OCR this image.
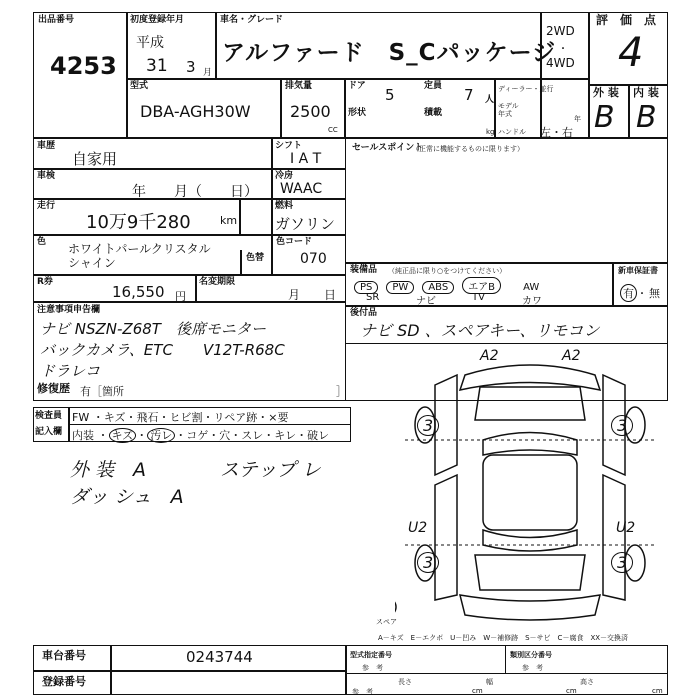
出品番号
4253
初度登録年月
平成
31 3 月
車名・グレード
アルファード　S_Cパッケージ
2WD
・
4WD
評　価　点
4
外 装 内 装
B B
型式
DBA-AGH30W
排気量
2500
CC
ドア 5	定員 7 人
形状	積載
kg
ディーラー・並行
モデル
年式
年
ハンドル 左・右
車歴
自家用
車検
年　　月（　　日）
走行
10万9千280	km
色 ホワイトパールクリスタル
シャイン	色替
色コード
070
R券
16,550 円
名変期限
月　　日
シフト
I A T
冷房
WAAC
燃料
ガソリン
セールスポイント
（正常に機能するものに限ります）
装備品 （純正品に限り○をつけてください）
PS PW ABS エアB	AW
SR	ナビ	TV	カワ
新車保証書
有 ・ 無
後付品
ナビ SD 、スペアキー、リモコン
注意事項申告欄
ナビ NSZN-Z68T　後席モニター
バックカメラ、ETC　　V12T-R68C
ドラレコ
修復歴 有［箇所	］
検査員
記入欄
FW ・キズ・飛石・ヒビ割・リペア跡・×要
内装 ・ キズ ・ 汚レ ・コゲ・穴・スレ・キレ・破レ
外 装　A
ダッ シュ　A
ステップ レ
A2	A2
3	3
U2	U2
3	3
スペア
A－キズ　E－エクボ　U－凹み　W－補修跡　S－サビ　C－腐食　XX－交換済
車台番号	0243744
登録番号
型式指定番号
参　考
類別区分番号
参　考
参　考
長さ
cm
幅
cm
高さ
cm
